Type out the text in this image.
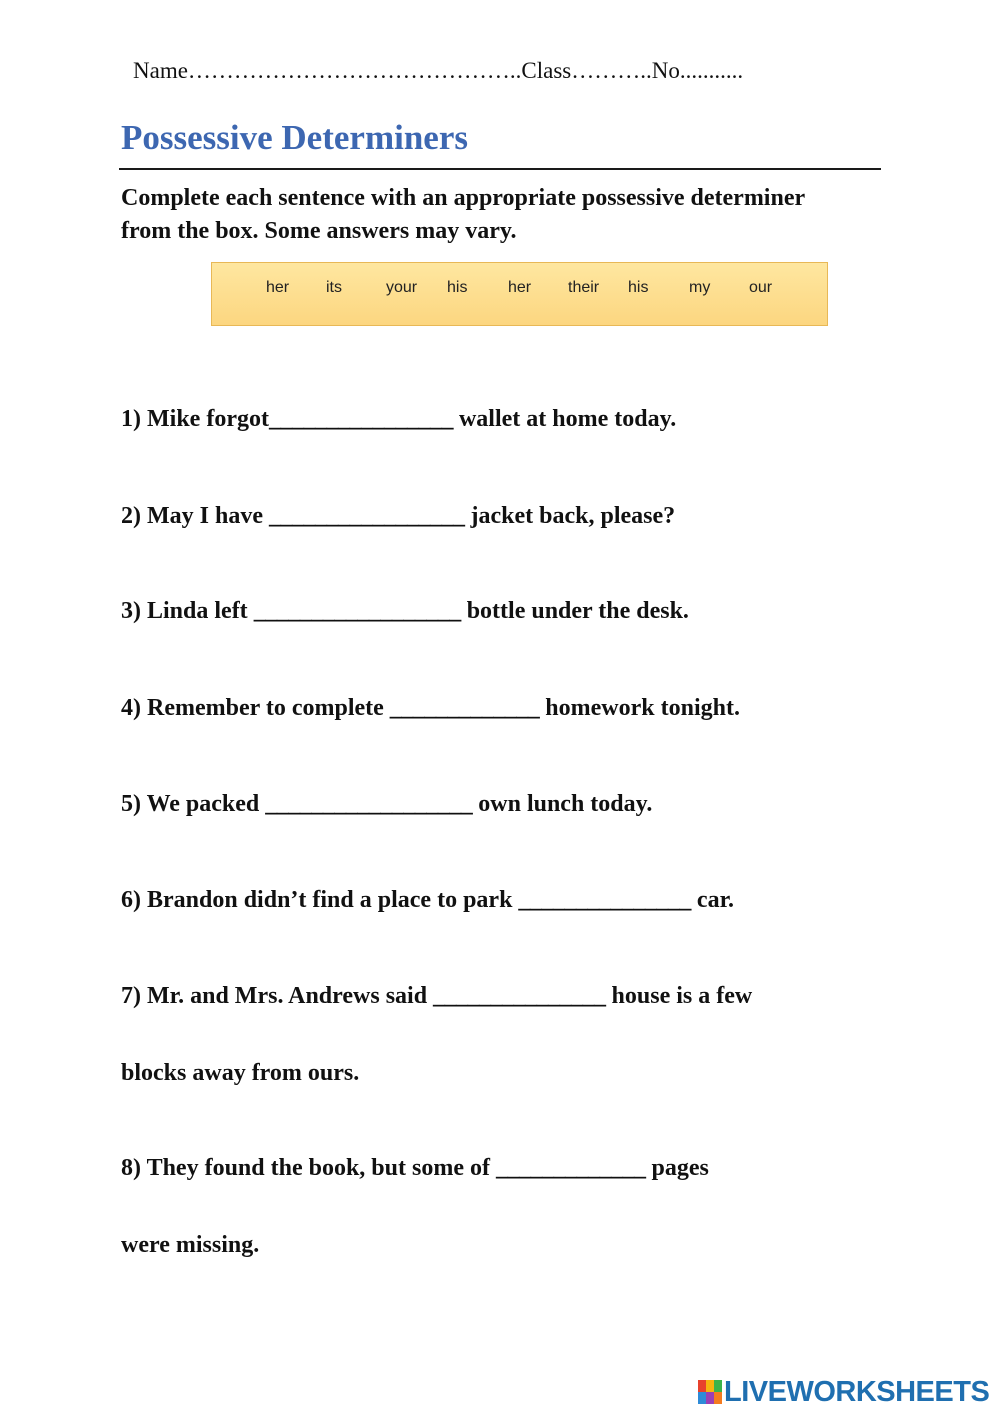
Name……………………………………..Class………..No...........
Possessive Determiners
Complete each sentence with an appropriate possessive determiner from the box. Some answers may vary.
her its	your his	her their his	my our
1) Mike forgot________________ wallet at home today.
2) May I have _________________ jacket back, please?
3) Linda left __________________ bottle under the desk.
4) Remember to complete _____________ homework tonight.
5) We packed __________________ own lunch today.
6) Brandon didn’t find a place to park _______________ car.
7) Mr. and Mrs. Andrews said _______________ house is a few
blocks away from ours.
8) They found the book, but some of _____________ pages
were missing.
LIVEWORKSHEETS
